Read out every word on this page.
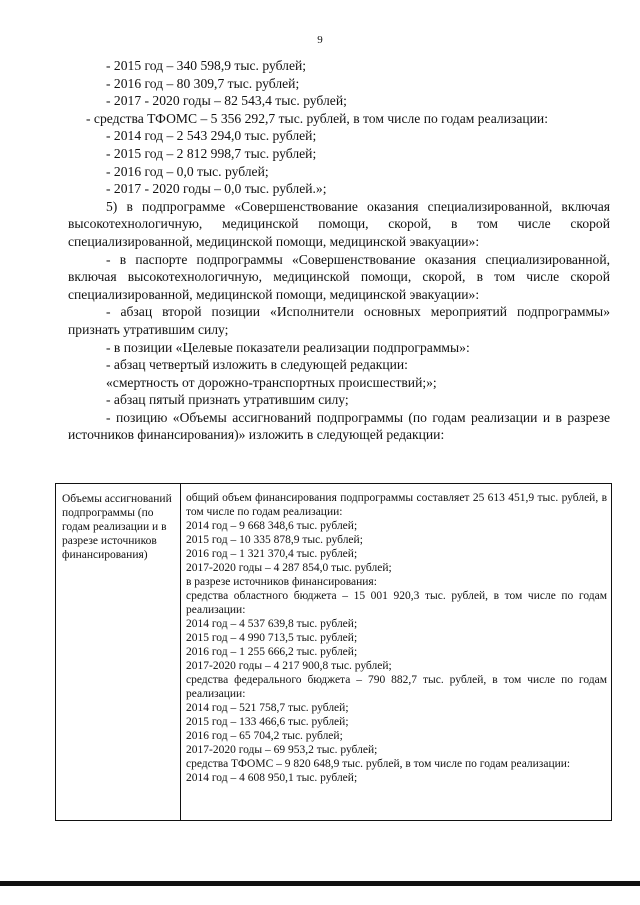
9

- 2015 год – 340 598,9 тыс. рублей;

- 2016 год – 80 309,7 тыс. рублей;

- 2017 - 2020 годы – 82 543,4 тыс. рублей;

- средства ТФОМС – 5 356 292,7 тыс. рублей, в том числе по годам реализации:

- 2014 год – 2 543 294,0 тыс. рублей;

- 2015 год – 2 812 998,7 тыс. рублей;

- 2016 год – 0,0 тыс. рублей;

- 2017 - 2020 годы – 0,0 тыс. рублей.»;

5) в подпрограмме «Совершенствование оказания специализированной, включая высокотехнологичную, медицинской помощи, скорой, в том числе скорой специализированной, медицинской помощи, медицинской эвакуации»:

- в паспорте подпрограммы «Совершенствование оказания специализированной, включая высокотехнологичную, медицинской помощи, скорой, в том числе скорой специализированной, медицинской помощи, медицинской эвакуации»:

- абзац второй позиции «Исполнители основных мероприятий подпрограммы» признать утратившим силу;

- в позиции «Целевые показатели реализации подпрограммы»:

- абзац четвертый изложить в следующей редакции:

«смертность от дорожно-транспортных происшествий;»;

- абзац пятый признать утратившим силу;

- позицию «Объемы ассигнований подпрограммы (по годам реализации и в разрезе источников финансирования)» изложить в следующей редакции:

Объемы ассигнований подпрограммы (по годам реализации и в разрезе источников финансирования)

общий объем финансирования подпрограммы составляет 25 613 451,9 тыс. рублей, в том числе по годам реализации:

2014 год – 9 668 348,6 тыс. рублей;

2015 год – 10 335 878,9 тыс. рублей;

2016 год – 1 321 370,4 тыс. рублей;

2017-2020 годы – 4 287 854,0 тыс. рублей;

в разрезе источников финансирования:

средства областного бюджета – 15 001 920,3 тыс. рублей, в том числе по годам реализации:

2014 год – 4 537 639,8 тыс. рублей;

2015 год – 4 990 713,5 тыс. рублей;

2016 год – 1 255 666,2 тыс. рублей;

2017-2020 годы – 4 217 900,8 тыс. рублей;

средства федерального бюджета – 790 882,7 тыс. рублей, в том числе по годам реализации:

2014 год – 521 758,7 тыс. рублей;

2015 год – 133 466,6 тыс. рублей;

2016 год – 65 704,2 тыс. рублей;

2017-2020 годы – 69 953,2 тыс. рублей;

средства ТФОМС – 9 820 648,9 тыс. рублей, в том числе по годам реализации:

2014 год – 4 608 950,1 тыс. рублей;
